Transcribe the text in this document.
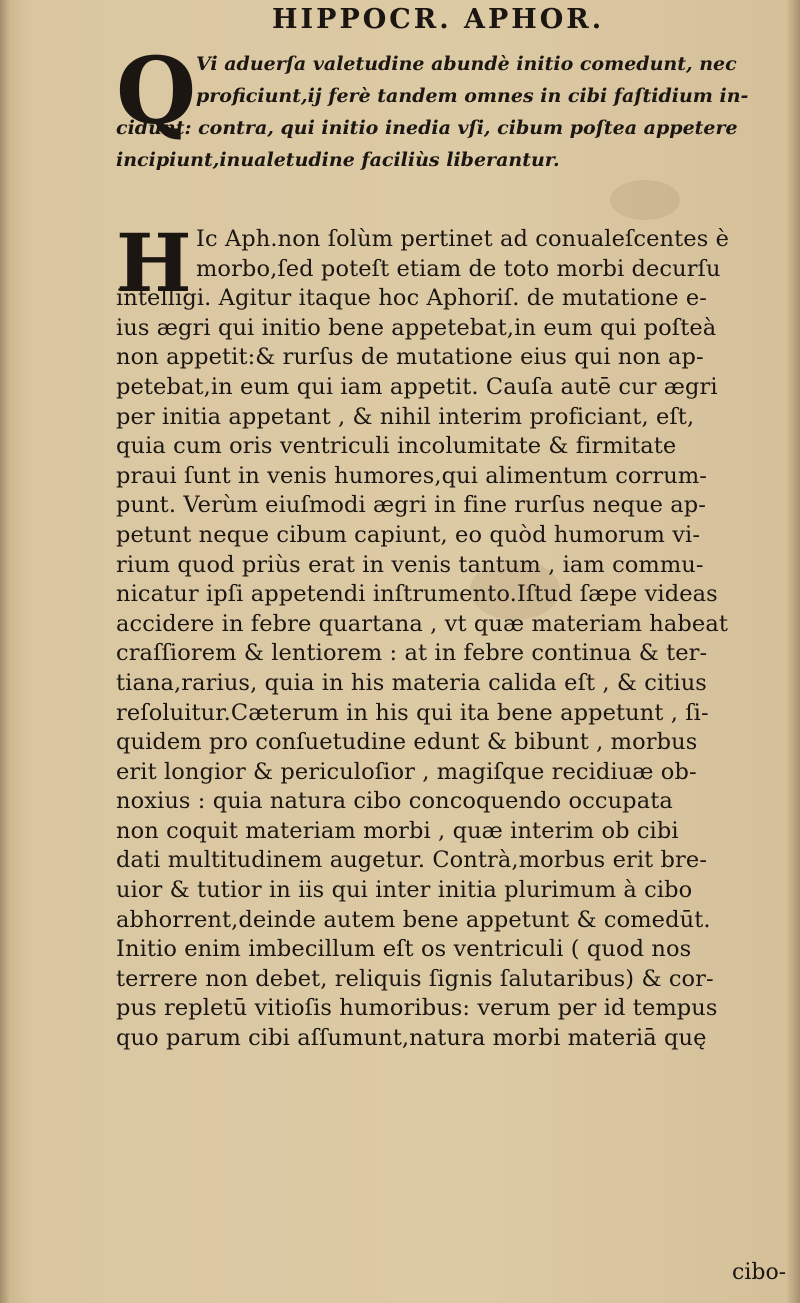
HIPPOCR. APHOR.
Q Vi aduerſa valetudine abundè initio comedunt, nec
proficiunt,ij ferè tandem omnes in cibi faſtidium in-
cidunt: contra, qui initio inedia vſi, cibum poſtea appetere
incipiunt,inualetudine faciliùs liberantur.
H Ic Aph.non ſolùm pertinet ad conualeſcentes è
morbo,ſed poteſt etiam de toto morbi decurſu
intelligi. Agitur itaque hoc Aphoriſ. de mutatione e-
ius ægri qui initio bene appetebat,in eum qui poſteà
non appetit:& rurſus de mutatione eius qui non ap-
petebat,in eum qui iam appetit. Cauſa autē cur ægri
per initia appetant , & nihil interim proficiant, eſt,
quia cum oris ventriculi incolumitate & firmitate
praui ſunt in venis humores,qui alimentum corrum-
punt. Verùm eiuſmodi ægri in fine rurſus neque ap-
petunt neque cibum capiunt, eo quòd humorum vi-
rium quod priùs erat in venis tantum , iam commu-
nicatur ipſi appetendi inſtrumento.Iſtud ſæpe videas
accidere in febre quartana , vt quæ materiam habeat
craſſiorem & lentiorem : at in febre continua & ter-
tiana,rarius, quia in his materia calida eſt , & citius
reſoluitur.Cæterum in his qui ita bene appetunt , ſi-
quidem pro conſuetudine edunt & bibunt , morbus
erit longior & periculoſior , magiſque recidiuæ ob-
noxius : quia natura cibo concoquendo occupata
non coquit materiam morbi , quæ interim ob cibi
dati multitudinem augetur. Contrà,morbus erit bre-
uior & tutior in iis qui inter initia plurimum à cibo
abhorrent,deinde autem bene appetunt & comedūt.
Initio enim imbecillum eſt os ventriculi ( quod nos
terrere non debet, reliquis ſignis ſalutaribus) & cor-
pus repletū vitioſis humoribus: verum per id tempus
quo parum cibi aſſumunt,natura morbi materiā quę
cibo-
